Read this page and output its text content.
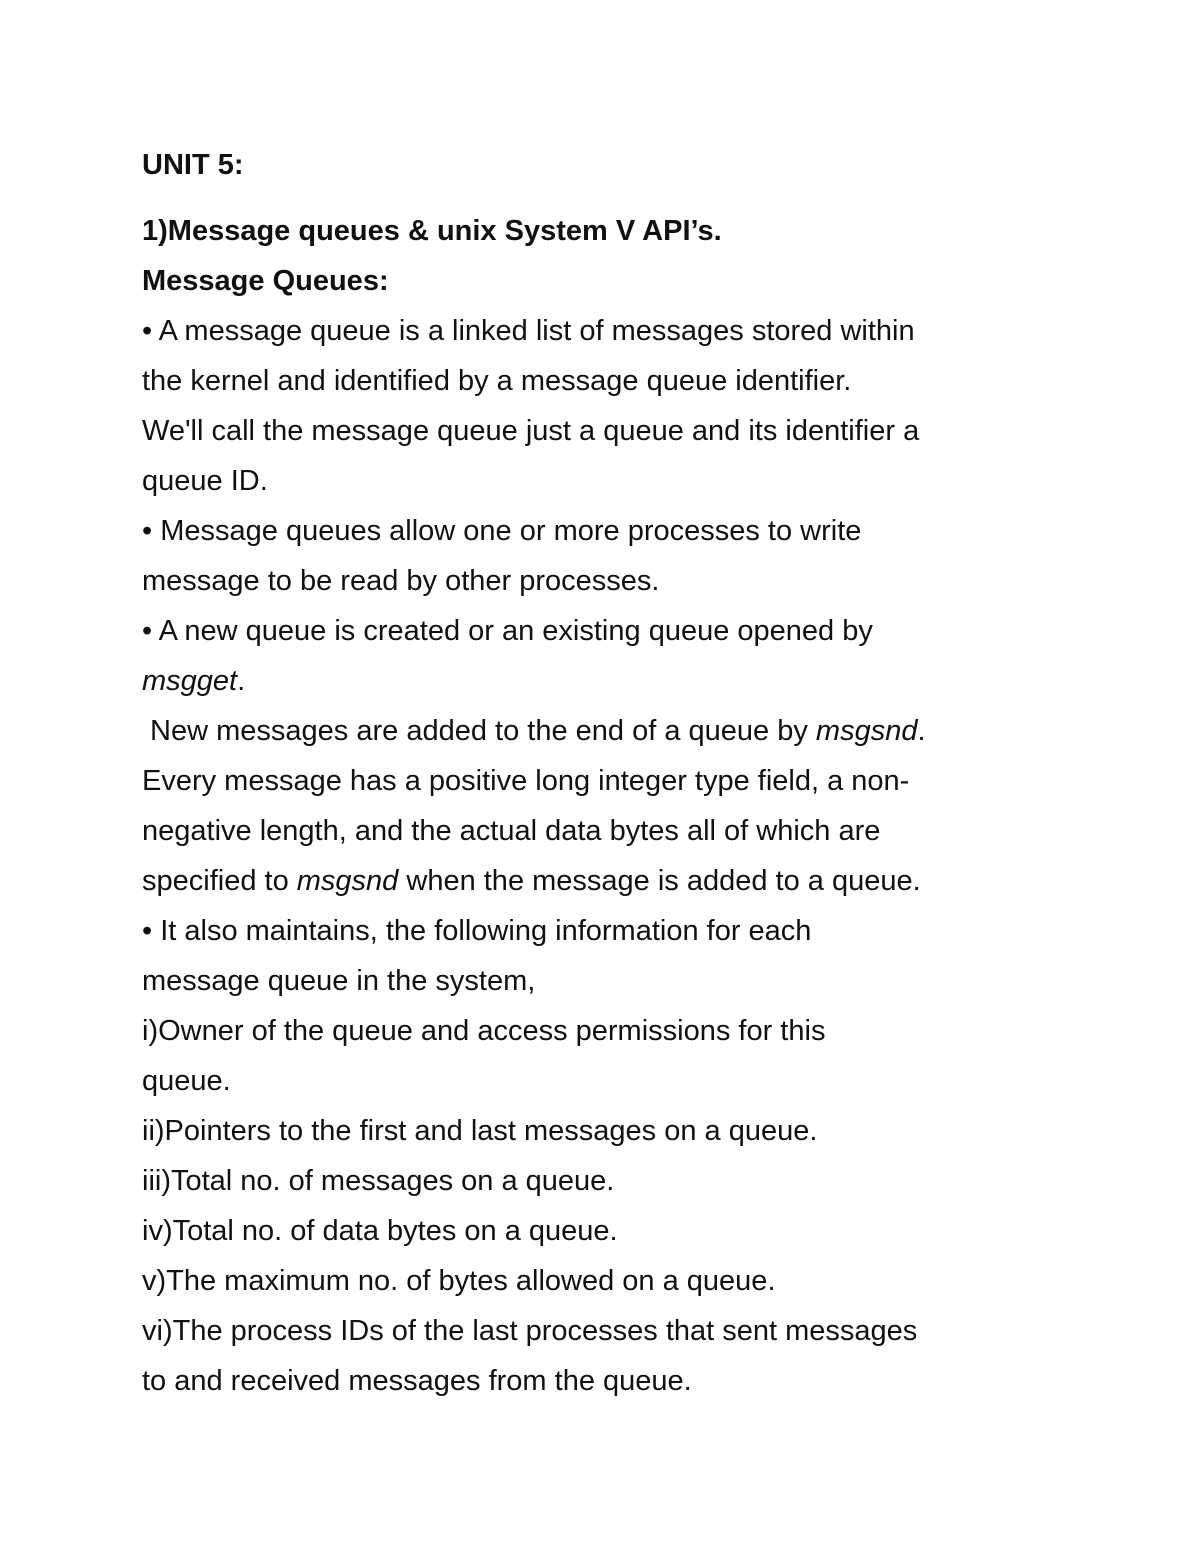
UNIT 5:
1)Message queues & unix System V API’s.
Message Queues:
• A message queue is a linked list of messages stored within
the kernel and identified by a message queue identifier.
We'll call the message queue just a queue and its identifier a
queue ID.
• Message queues allow one or more processes to write
message to be read by other processes.
• A new queue is created or an existing queue opened by
msgget.
New messages are added to the end of a queue by msgsnd.
Every message has a positive long integer type field, a non-
negative length, and the actual data bytes all of which are
specified to msgsnd when the message is added to a queue.
• It also maintains, the following information for each
message queue in the system,
i)Owner of the queue and access permissions for this
queue.
ii)Pointers to the first and last messages on a queue.
iii)Total no. of messages on a queue.
iv)Total no. of data bytes on a queue.
v)The maximum no. of bytes allowed on a queue.
vi)The process IDs of the last processes that sent messages
to and received messages from the queue.
